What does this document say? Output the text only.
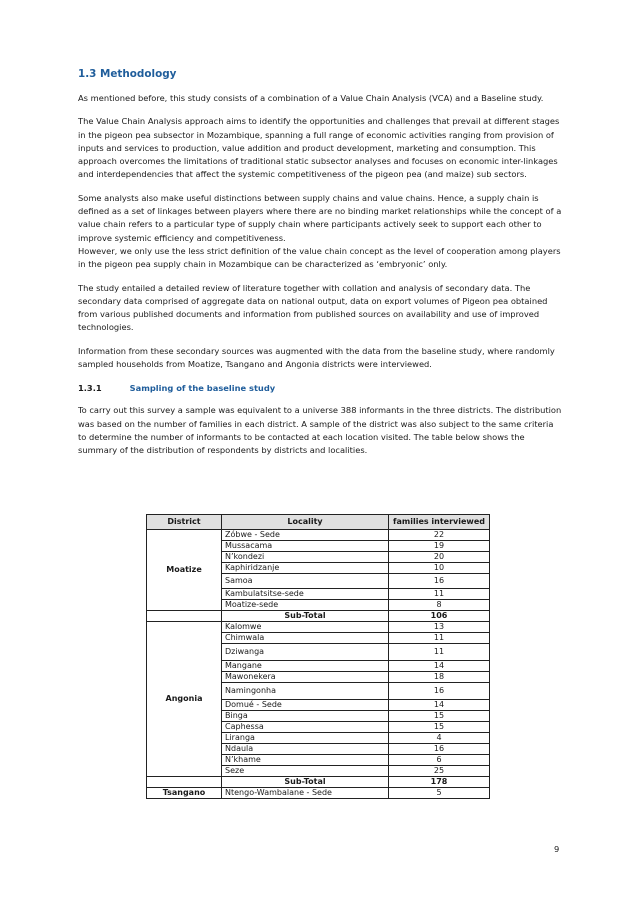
1.3 Methodology

As mentioned before, this study consists of a combination of a Value Chain Analysis (VCA) and a Baseline study.

The Value Chain Analysis approach aims to identify the opportunities and challenges that prevail at different stages in the pigeon pea subsector in Mozambique, spanning a full range of economic activities ranging from provision of inputs and services to production, value addition and product development, marketing and consumption. This approach overcomes the limitations of traditional static subsector analyses and focuses on economic inter-linkages and interdependencies that affect the systemic competitiveness of the pigeon pea (and maize) sub sectors.

Some analysts also make useful distinctions between supply chains and value chains. Hence, a supply chain is defined as a set of linkages between players where there are no binding market relationships while the concept of a value chain refers to a particular type of supply chain where participants actively seek to support each other to improve systemic efficiency and competitiveness.

However, we only use the less strict definition of the value chain concept as the level of cooperation among players in the pigeon pea supply chain in Mozambique can be characterized as ‘embryonic’ only.

The study entailed a detailed review of literature together with collation and analysis of secondary data. The secondary data comprised of aggregate data on national output, data on export volumes of Pigeon pea obtained from various published documents and information from published sources on availability and use of improved technologies.

Information from these secondary sources was augmented with the data from the baseline study, where randomly sampled households from Moatize, Tsangano and Angonia districts were interviewed.

1.3.1	Sampling of the baseline study

To carry out this survey a sample was equivalent to a universe 388 informants in the three districts. The distribution was based on the number of families in each district. A sample of the district was also subject to the same criteria to determine the number of informants to be contacted at each location visited. The table below shows the summary of the distribution of respondents by districts and localities.

District	Locality	families interviewed
Moatize	Zóbwe - Sede	22
	Mussacama	19
	N’kondezi	20
	Kaphiridzanje	10
	Samoa	16
	Kambulatsitse-sede	11
	Moatize-sede	8
	Sub-Total	106
Angonia	Kalomwe	13
	Chimwala	11
	Dziwanga	11
	Mangane	14
	Mawonekera	18
	Namingonha	16
	Domué - Sede	14
	Binga	15
	Caphessa	15
	Liranga	4
	Ndaula	16
	N’khame	6
	Seze	25
	Sub-Total	178
Tsangano	Ntengo-Wambalane - Sede	5
9
